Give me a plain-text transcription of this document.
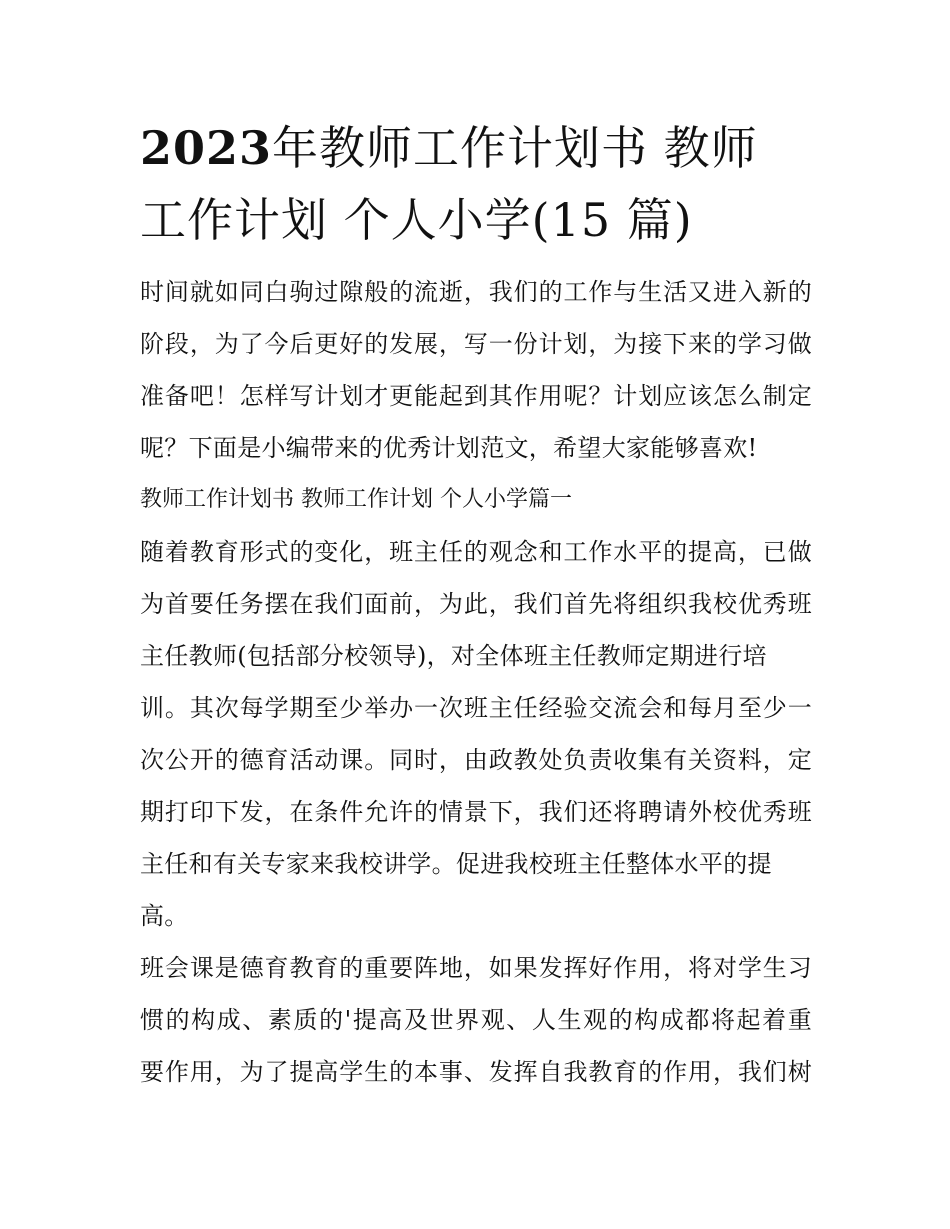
2023年教师工作计划书 教师
工作计划 个人小学(15 篇)

时间就如同白驹过隙般的流逝，我们的工作与生活又进入新的
阶段，为了今后更好的发展，写一份计划，为接下来的学习做
准备吧！怎样写计划才更能起到其作用呢？计划应该怎么制定
呢？下面是小编带来的优秀计划范文，希望大家能够喜欢!

教师工作计划书 教师工作计划 个人小学篇一

随着教育形式的变化，班主任的观念和工作水平的提高，已做
为首要任务摆在我们面前，为此，我们首先将组织我校优秀班
主任教师(包括部分校领导)，对全体班主任教师定期进行培
训。其次每学期至少举办一次班主任经验交流会和每月至少一
次公开的德育活动课。同时，由政教处负责收集有关资料，定
期打印下发，在条件允许的情景下，我们还将聘请外校优秀班
主任和有关专家来我校讲学。促进我校班主任整体水平的提
高。

班会课是德育教育的重要阵地，如果发挥好作用，将对学生习
惯的构成、素质的'提高及世界观、人生观的构成都将起着重
要作用，为了提高学生的本事、发挥自我教育的作用，我们树
